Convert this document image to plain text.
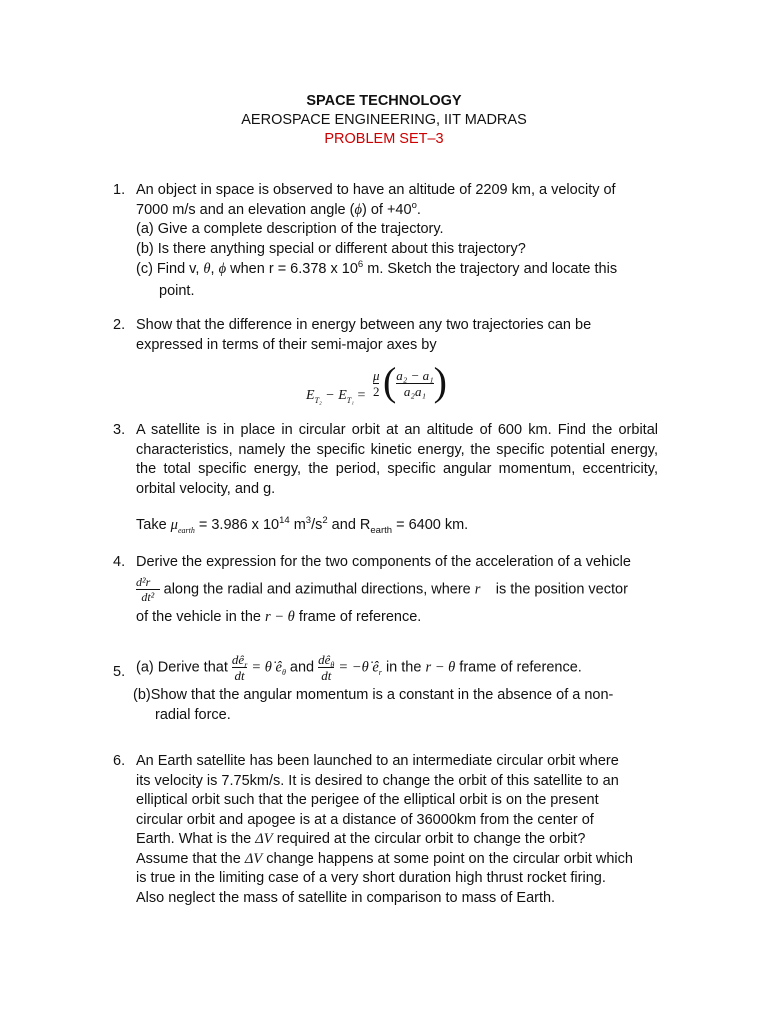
SPACE TECHNOLOGY
AEROSPACE ENGINEERING, IIT MADRAS
PROBLEM SET–3
1. An object in space is observed to have an altitude of 2209 km, a velocity of
7000 m/s and an elevation angle (ϕ) of $+40^o$.
(a) Give a complete description of the trajectory.
(b) Is there anything special or different about this trajectory?
(c) Find v, θ, ϕ when r = 6.378 x $10^6$ m. Sketch the trajectory and locate this
point.
2. Show that the difference in energy between any two trajectories can be
expressed in terms of their semi-major axes by
$E_{T_2} - E_{T_1} = \frac{\mu}{2}$ ( $\frac{\text{a₂ − a₁}}{\text{a₂a₁}}$ )
3. A satellite is in place in circular orbit at an altitude of 600 km. Find the orbital characteristics, namely the specific kinetic energy, the specific potential energy, the total specific energy, the period, specific angular momentum, eccentricity, orbital velocity, and g.
Take $\mu_{earth} = 3.986$ x $10^{14}$ $m^3/s^2$ and $R_{earth} = 6400$ km.
4. Derive the expression for the two components of the acceleration of a vehicle
$\frac{\text{d²r⃗}}{\text{dt²}}$ along the radial and azimuthal directions, where r⃗ is the position vector
of the vehicle in the r − θ frame of reference.
5. (a) Derive that $\frac{dê_r}{dt}$ = θ̇ $ê_\theta$ and $\frac{dê_\theta}{dt}$ = −θ̇ $ê_r$ in the r − θ frame of reference.
(b)Show that the angular momentum is a constant in the absence of a non-
radial force.
6. An Earth satellite has been launched to an intermediate circular orbit where
its velocity is 7.75km/s. It is desired to change the orbit of this satellite to an
elliptical orbit such that the perigee of the elliptical orbit is on the present
circular orbit and apogee is at a distance of 36000km from the center of
Earth. What is the ΔV required at the circular orbit to change the orbit?
Assume that the ΔV change happens at some point on the circular orbit which
is true in the limiting case of a very short duration high thrust rocket firing.
Also neglect the mass of satellite in comparison to mass of Earth.
